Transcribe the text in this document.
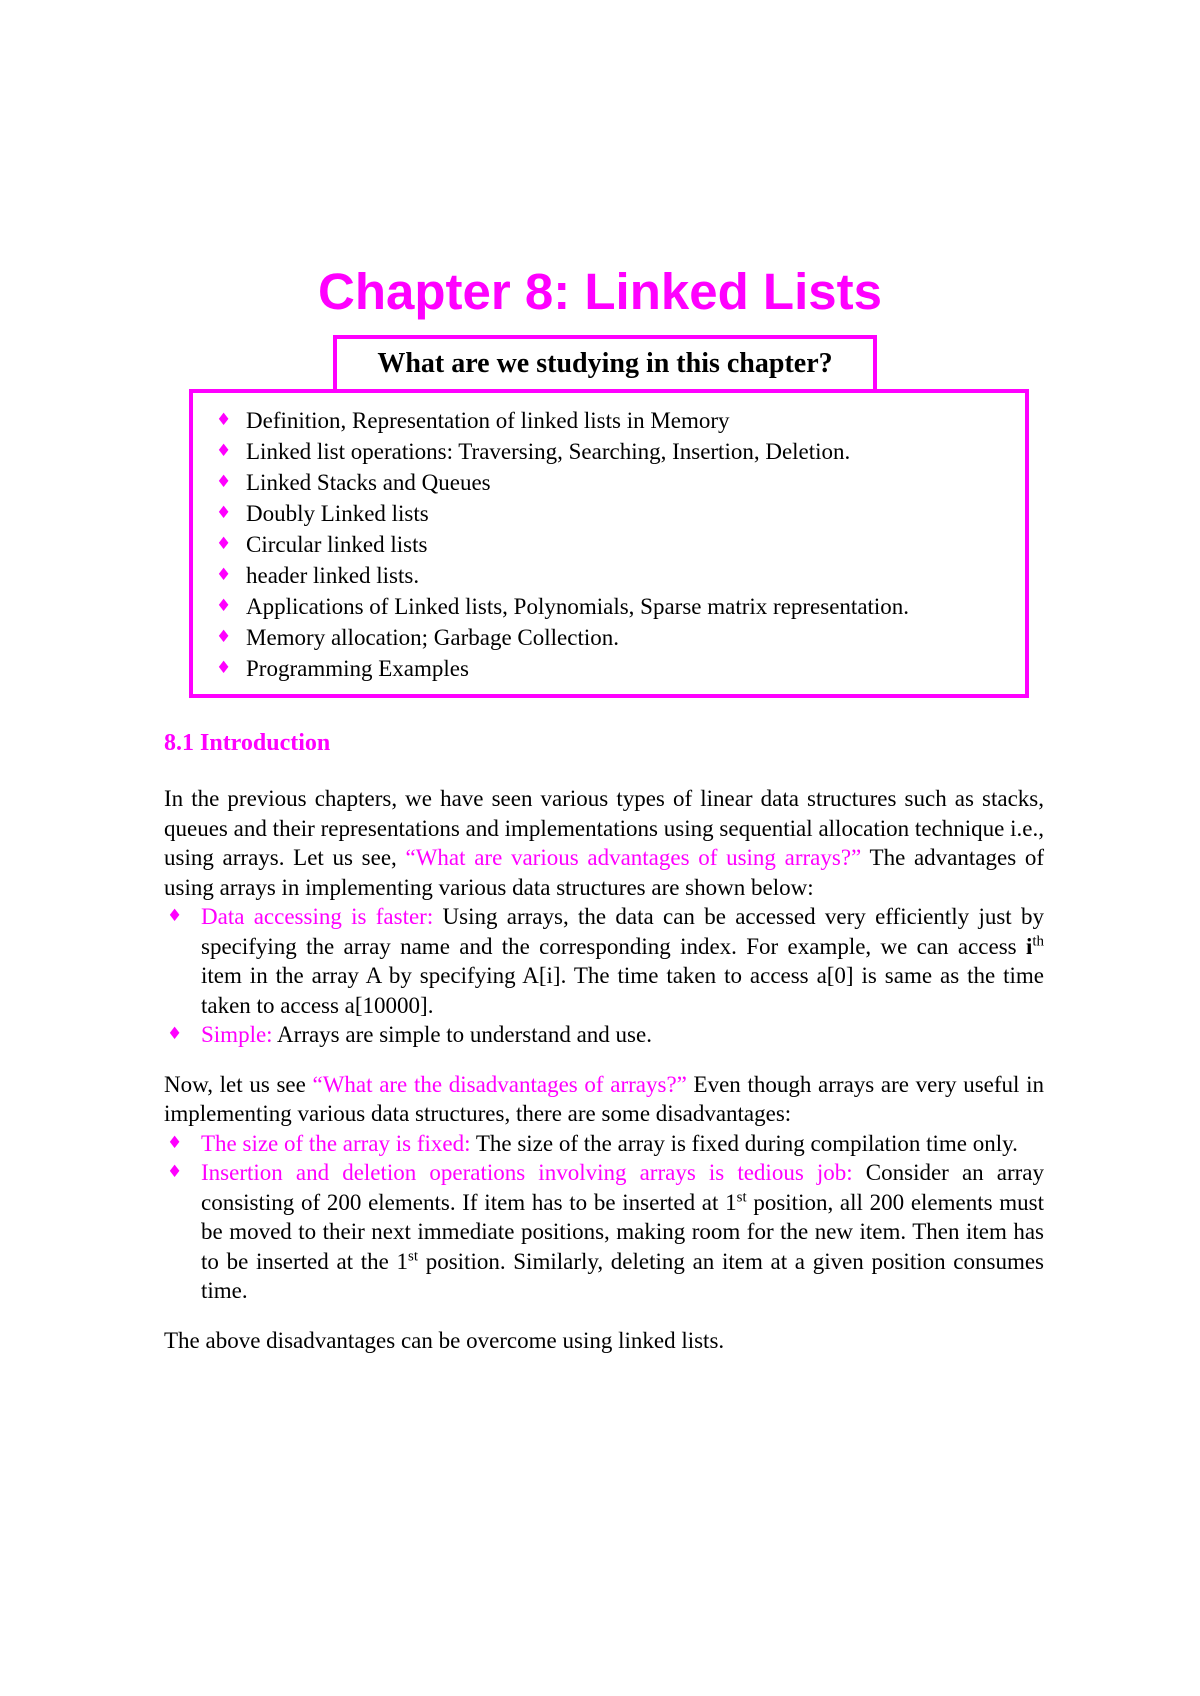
Chapter 8: Linked Lists
What are we studying in this chapter?
♦ Definition, Representation of linked lists in Memory
♦ Linked list operations: Traversing, Searching, Insertion, Deletion.
♦ Linked Stacks and Queues
♦ Doubly Linked lists
♦ Circular linked lists
♦ header linked lists.
♦ Applications of Linked lists, Polynomials, Sparse matrix representation.
♦ Memory allocation; Garbage Collection.
♦ Programming Examples
8.1 Introduction

In the previous chapters, we have seen various types of linear data structures such as stacks, queues and their representations and implementations using sequential allocation technique i.e., using arrays. Let us see, “What are various advantages of using arrays?” The advantages of using arrays in implementing various data structures are shown below:

♦ Data accessing is faster: Using arrays, the data can be accessed very efficiently just by specifying the array name and the corresponding index. For example, we can access $i^{th}$ item in the array A by specifying A[i]. The time taken to access a[0] is same as the time taken to access a[10000].
♦ Simple: Arrays are simple to understand and use.

Now, let us see “What are the disadvantages of arrays?” Even though arrays are very useful in implementing various data structures, there are some disadvantages:

♦ The size of the array is fixed: The size of the array is fixed during compilation time only.
♦ Insertion and deletion operations involving arrays is tedious job: Consider an array consisting of 200 elements. If item has to be inserted at 1st position, all 200 elements must be moved to their next immediate positions, making room for the new item. Then item has to be inserted at the 1st position. Similarly, deleting an item at a given position consumes time.

The above disadvantages can be overcome using linked lists.
